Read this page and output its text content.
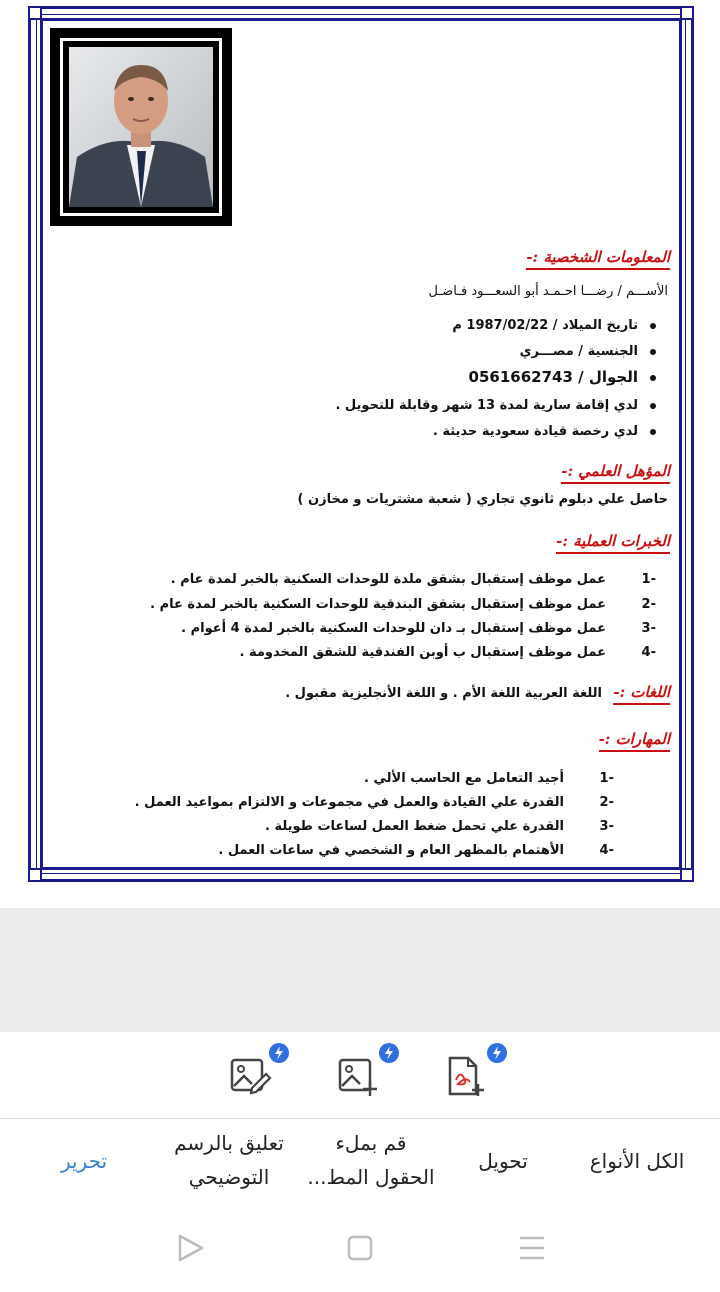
المعلومات الشخصية :-
الأســـم / رضـــا احـمـد أبو السعـــود فـاضـل
تاريخ الميلاد / 1987/02/22 م
الجنسية / مصـــري
الجوال / 0561662743
لدي إقامة سارية لمدة 13 شهر وقابلة للتحويل .
لدي رخصة قيادة سعودية حديثة .
المؤهل العلمي :-
حاصل علي دبلوم ثانوي تجاري ( شعبة مشتريات و مخازن )
الخبرات العملية :-
-1عمل موظف إستقبال بشقق ملدة للوحدات السكنية بالخبر لمدة عام .
-2عمل موظف إستقبال بشقق البندقية للوحدات السكنية بالخبر لمدة عام .
-3عمل موظف إستقبال بـ دان للوحدات السكنية بالخبر لمدة 4 أعوام .
-4عمل موظف إستقبال ب أوبن الفندقية للشقق المخدومة .
اللغات :-
اللغة العربية اللغة الأم . و اللغة الأنجليزية مقبول .
المهارات :-
-1أجيد التعامل مع الحاسب الألي .
-2القدرة علي القيادة والعمل في مجموعات و الالتزام بمواعيد العمل .
-3القدرة علي تحمل ضغط العمل لساعات طويلة .
-4الأهتمام بالمظهر العام و الشخصي في ساعات العمل .
الكل الأنواع
تحويل
قم بملء
الحقول المط...
تعليق بالرسم
التوضيحي
تحرير
